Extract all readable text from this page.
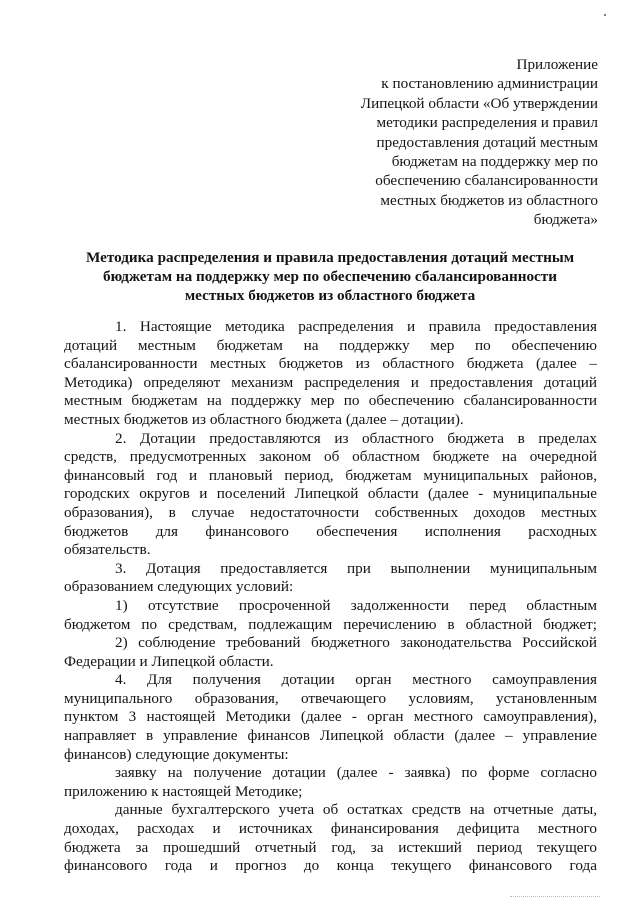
Приложение
к постановлению администрации
Липецкой области «Об утверждении
методики распределения и правил
предоставления дотаций местным
бюджетам на поддержку мер по
обеспечению сбалансированности
местных бюджетов из областного
бюджета»
Методика распределения и правила предоставления дотаций местным
бюджетам на поддержку мер по обеспечению сбалансированности
местных бюджетов из областного бюджета
1. Настоящие методика распределения и правила предоставления
дотаций местным бюджетам на поддержку мер по обеспечению
сбалансированности местных бюджетов из областного бюджета (далее –
Методика) определяют механизм распределения и предоставления дотаций
местным бюджетам на поддержку мер по обеспечению сбалансированности
местных бюджетов из областного бюджета (далее – дотации).
2. Дотации предоставляются из областного бюджета в пределах
средств, предусмотренных законом об областном бюджете на очередной
финансовый год и плановый период, бюджетам муниципальных районов,
городских округов и поселений Липецкой области (далее - муниципальные
образования), в случае недостаточности собственных доходов местных
бюджетов для финансового обеспечения исполнения расходных
обязательств.
3. Дотация предоставляется при выполнении муниципальным
образованием следующих условий:
1) отсутствие просроченной задолженности перед областным
бюджетом по средствам, подлежащим перечислению в областной бюджет;
2) соблюдение требований бюджетного законодательства Российской
Федерации и Липецкой области.
4. Для получения дотации орган местного самоуправления
муниципального образования, отвечающего условиям, установленным
пунктом 3 настоящей Методики (далее - орган местного самоуправления),
направляет в управление финансов Липецкой области (далее – управление
финансов) следующие документы:
заявку на получение дотации (далее - заявка) по форме согласно
приложению к настоящей Методике;
данные бухгалтерского учета об остатках средств на отчетные даты,
доходах, расходах и источниках финансирования дефицита местного
бюджета за прошедший отчетный год, за истекший период текущего
финансового года и прогноз до конца текущего финансового года
